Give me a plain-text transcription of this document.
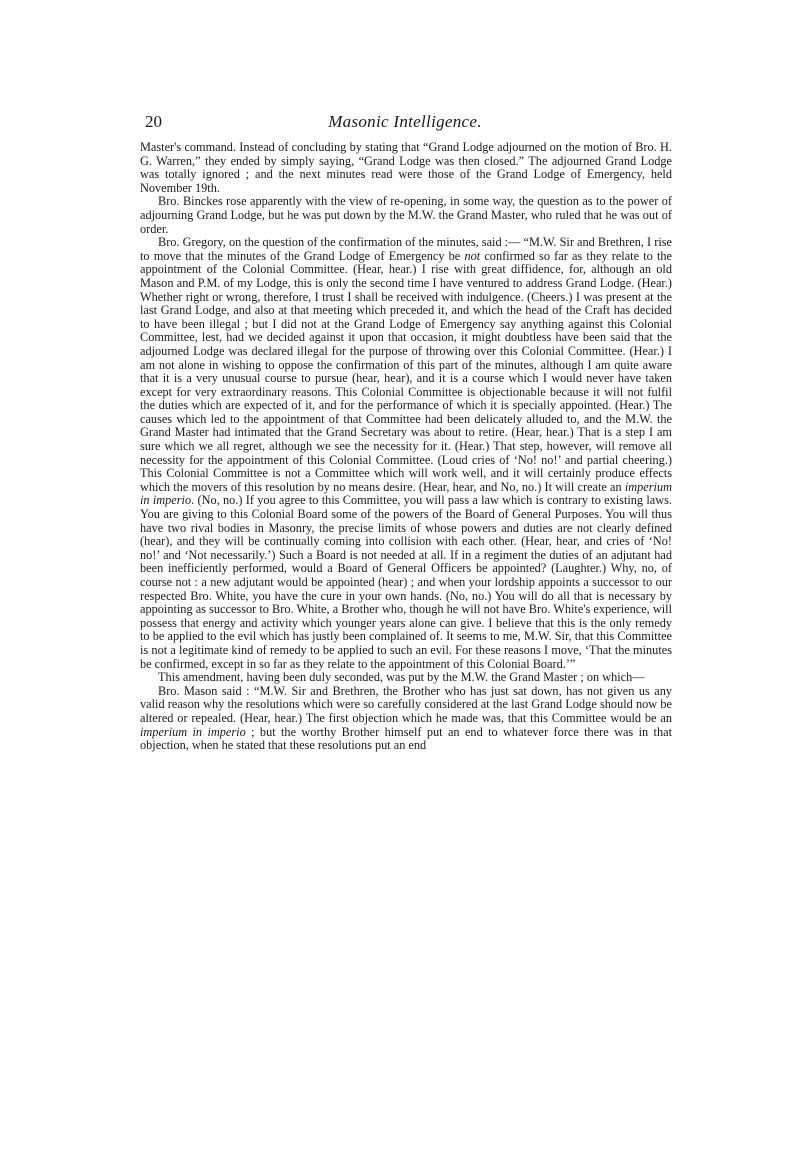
20	Masonic Intelligence.

Master's command. Instead of concluding by stating that “Grand Lodge adjourned on the motion of Bro. H. G. Warren,” they ended by simply saying, “Grand Lodge was then closed.” The adjourned Grand Lodge was totally ignored ; and the next minutes read were those of the Grand Lodge of Emergency, held November 19th.

Bro. Binckes rose apparently with the view of re-opening, in some way, the question as to the power of adjourning Grand Lodge, but he was put down by the M.W. the Grand Master, who ruled that he was out of order.

Bro. Gregory, on the question of the confirmation of the minutes, said :— “M.W. Sir and Brethren, I rise to move that the minutes of the Grand Lodge of Emergency be not confirmed so far as they relate to the appointment of the Colonial Committee. (Hear, hear.) I rise with great diffidence, for, although an old Mason and P.M. of my Lodge, this is only the second time I have ventured to address Grand Lodge. (Hear.) Whether right or wrong, therefore, I trust I shall be received with indulgence. (Cheers.) I was present at the last Grand Lodge, and also at that meeting which preceded it, and which the head of the Craft has decided to have been illegal ; but I did not at the Grand Lodge of Emergency say anything against this Colonial Committee, lest, had we decided against it upon that occasion, it might doubtless have been said that the adjourned Lodge was declared illegal for the purpose of throwing over this Colonial Committee. (Hear.) I am not alone in wishing to oppose the confirmation of this part of the minutes, although I am quite aware that it is a very unusual course to pursue (hear, hear), and it is a course which I would never have taken except for very extraordinary reasons. This Colonial Committee is objectionable because it will not fulfil the duties which are expected of it, and for the performance of which it is specially appointed. (Hear.) The causes which led to the appointment of that Committee had been delicately alluded to, and the M.W. the Grand Master had intimated that the Grand Secretary was about to retire. (Hear, hear.) That is a step I am sure which we all regret, although we see the necessity for it. (Hear.) That step, however, will remove all necessity for the appointment of this Colonial Committee. (Loud cries of ‘No! no!’ and partial cheering.) This Colonial Committee is not a Committee which will work well, and it will certainly produce effects which the movers of this resolution by no means desire. (Hear, hear, and No, no.) It will create an imperium in imperio. (No, no.) If you agree to this Committee, you will pass a law which is contrary to existing laws. You are giving to this Colonial Board some of the powers of the Board of General Purposes. You will thus have two rival bodies in Masonry, the precise limits of whose powers and duties are not clearly defined (hear), and they will be continually coming into collision with each other. (Hear, hear, and cries of ‘No! no!’ and ‘Not necessarily.’) Such a Board is not needed at all. If in a regiment the duties of an adjutant had been inefficiently performed, would a Board of General Officers be appointed? (Laughter.) Why, no, of course not : a new adjutant would be appointed (hear) ; and when your lordship appoints a successor to our respected Bro. White, you have the cure in your own hands. (No, no.) You will do all that is necessary by appointing as successor to Bro. White, a Brother who, though he will not have Bro. White's experience, will possess that energy and activity which younger years alone can give. I believe that this is the only remedy to be applied to the evil which has justly been complained of. It seems to me, M.W. Sir, that this Committee is not a legitimate kind of remedy to be applied to such an evil. For these reasons I move, ‘That the minutes be confirmed, except in so far as they relate to the appointment of this Colonial Board.’”

This amendment, having been duly seconded, was put by the M.W. the Grand Master ; on which—

Bro. Mason said : “M.W. Sir and Brethren, the Brother who has just sat down, has not given us any valid reason why the resolutions which were so carefully considered at the last Grand Lodge should now be altered or repealed. (Hear, hear.) The first objection which he made was, that this Committee would be an imperium in imperio ; but the worthy Brother himself put an end to whatever force there was in that objection, when he stated that these resolutions put an end
